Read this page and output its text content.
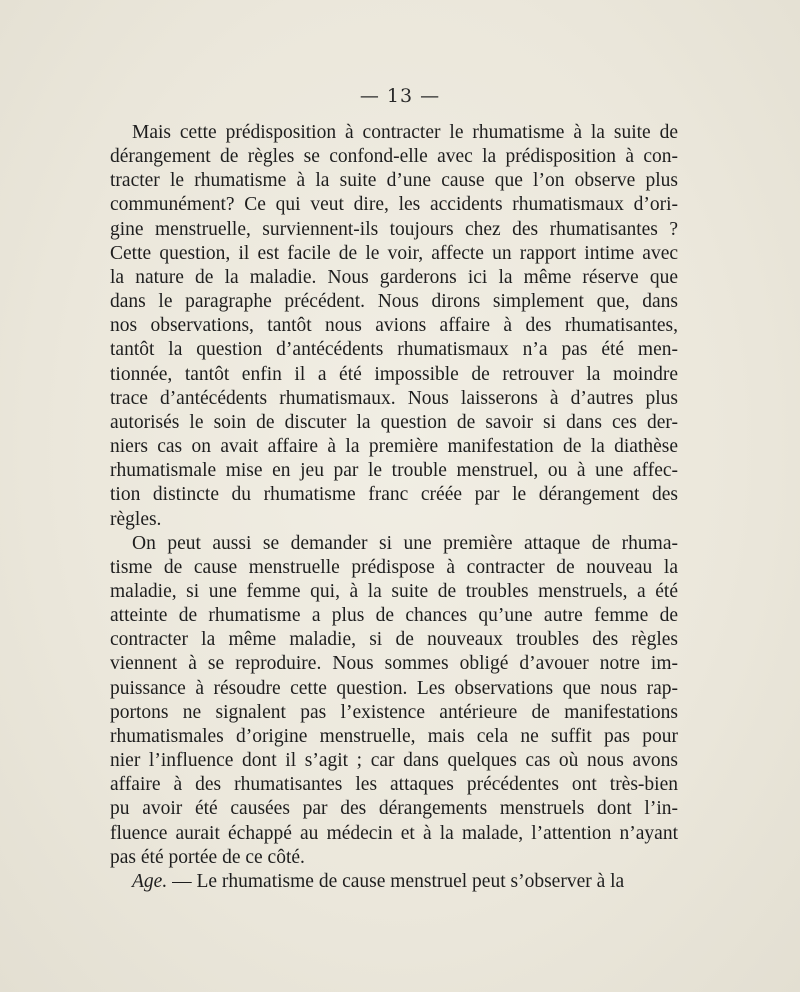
— 13 —
Mais cette prédisposition à contracter le rhumatisme à la suite de
dérangement de règles se confond-elle avec la prédisposition à con-
tracter le rhumatisme à la suite d’une cause que l’on observe plus
communément? Ce qui veut dire, les accidents rhumatismaux d’ori-
gine menstruelle, surviennent-ils toujours chez des rhumatisantes ?
Cette question, il est facile de le voir, affecte un rapport intime avec
la nature de la maladie. Nous garderons ici la même réserve que
dans le paragraphe précédent. Nous dirons simplement que, dans
nos observations, tantôt nous avions affaire à des rhumatisantes,
tantôt la question d’antécédents rhumatismaux n’a pas été men-
tionnée, tantôt enfin il a été impossible de retrouver la moindre
trace d’antécédents rhumatismaux. Nous laisserons à d’autres plus
autorisés le soin de discuter la question de savoir si dans ces der-
niers cas on avait affaire à la première manifestation de la diathèse
rhumatismale mise en jeu par le trouble menstruel, ou à une affec-
tion distincte du rhumatisme franc créée par le dérangement des
règles.
On peut aussi se demander si une première attaque de rhuma-
tisme de cause menstruelle prédispose à contracter de nouveau la
maladie, si une femme qui, à la suite de troubles menstruels, a été
atteinte de rhumatisme a plus de chances qu’une autre femme de
contracter la même maladie, si de nouveaux troubles des règles
viennent à se reproduire. Nous sommes obligé d’avouer notre im-
puissance à résoudre cette question. Les observations que nous rap-
portons ne signalent pas l’existence antérieure de manifestations
rhumatismales d’origine menstruelle, mais cela ne suffit pas pour
nier l’influence dont il s’agit ; car dans quelques cas où nous avons
affaire à des rhumatisantes les attaques précédentes ont très-bien
pu avoir été causées par des dérangements menstruels dont l’in-
fluence aurait échappé au médecin et à la malade, l’attention n’ayant
pas été portée de ce côté.
Age. — Le rhumatisme de cause menstruel peut s’observer à la
